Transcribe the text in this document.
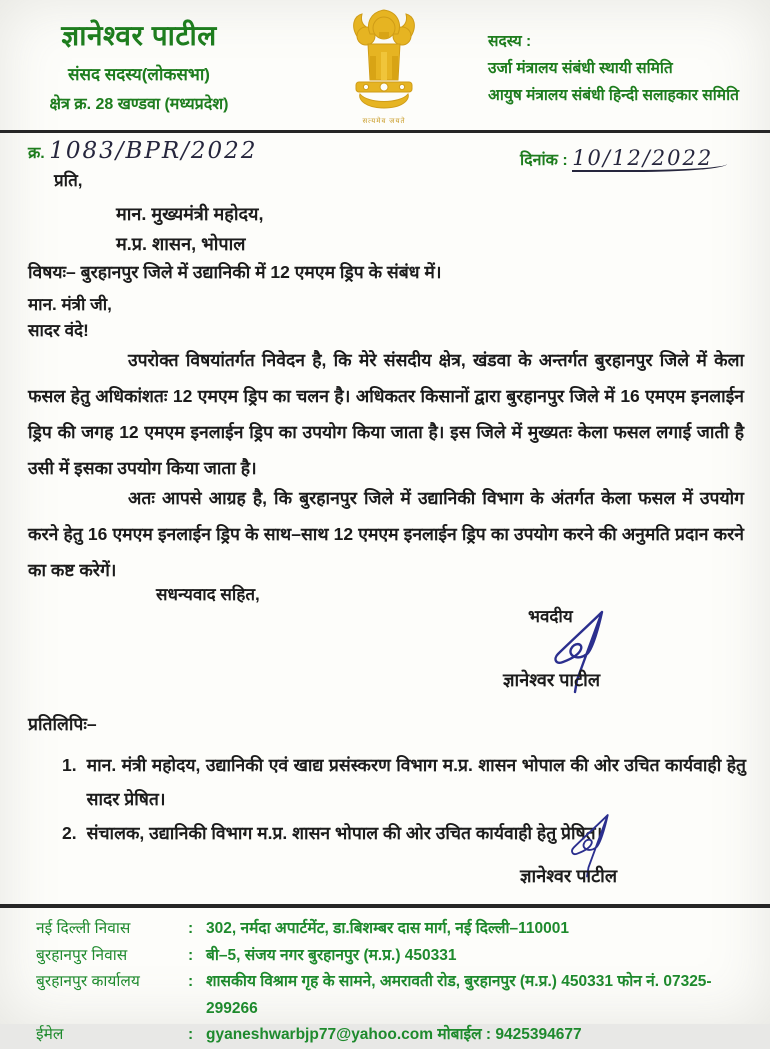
ज्ञानेश्वर पाटील
संसद सदस्य(लोकसभा)
क्षेत्र क्र. 28 खण्डवा (मध्यप्रदेश)
सत्यमेव जयते
सदस्य :
उर्जा मंत्रालय संबंधी स्थायी समिति
आयुष मंत्रालय संबंधी हिन्दी सलाहकार समिति
क्र. 1083/BPR/2022	दिनांक : 10/12/2022
प्रति,
मान. मुख्यमंत्री महोदय,
म.प्र. शासन, भोपाल
विषयः– बुरहानपुर जिले में उद्यानिकी में 12 एमएम ड्रिप के संबंध में।
मान. मंत्री जी,
सादर वंदे!
उपरोक्त विषयांतर्गत निवेदन है, कि मेरे संसदीय क्षेत्र, खंडवा के अन्तर्गत बुरहानपुर जिले में केला फसल हेतु अधिकांशतः 12 एमएम ड्रिप का चलन है। अधिकतर किसानों द्वारा बुरहानपुर जिले में 16 एमएम इनलाईन ड्रिप की जगह 12 एमएम इनलाईन ड्रिप का उपयोग किया जाता है। इस जिले में मुख्यतः केला फसल लगाई जाती है उसी में इसका उपयोग किया जाता है।
अतः आपसे आग्रह है, कि बुरहानपुर जिले में उद्यानिकी विभाग के अंतर्गत केला फसल में उपयोग करने हेतु 16 एमएम इनलाईन ड्रिप के साथ–साथ 12 एमएम इनलाईन ड्रिप का उपयोग करने की अनुमति प्रदान करने का कष्ट करेगें।
सधन्यवाद सहित,
भवदीय
ज्ञानेश्वर पाटील
प्रतिलिपिः–
1. मान. मंत्री महोदय, उद्यानिकी एवं खाद्य प्रसंस्करण विभाग म.प्र. शासन भोपाल की ओर उचित कार्यवाही हेतु सादर प्रेषित।
2. संचालक, उद्यानिकी विभाग म.प्र. शासन भोपाल की ओर उचित कार्यवाही हेतु प्रेषित।
ज्ञानेश्वर पाटील
नई दिल्ली निवास	: 302, नर्मदा अपार्टमेंट, डा.बिशम्बर दास मार्ग, नई दिल्ली–110001
बुरहानपुर निवास	: बी–5, संजय नगर बुरहानपुर (म.प्र.) 450331
बुरहानपुर कार्यालय	: शासकीय विश्राम गृह के सामने, अमरावती रोड, बुरहानपुर (म.प्र.) 450331 फोन नं. 07325-299266
ईमेल	: gyaneshwarbjp77@yahoo.com मोबाईल : 9425394677
